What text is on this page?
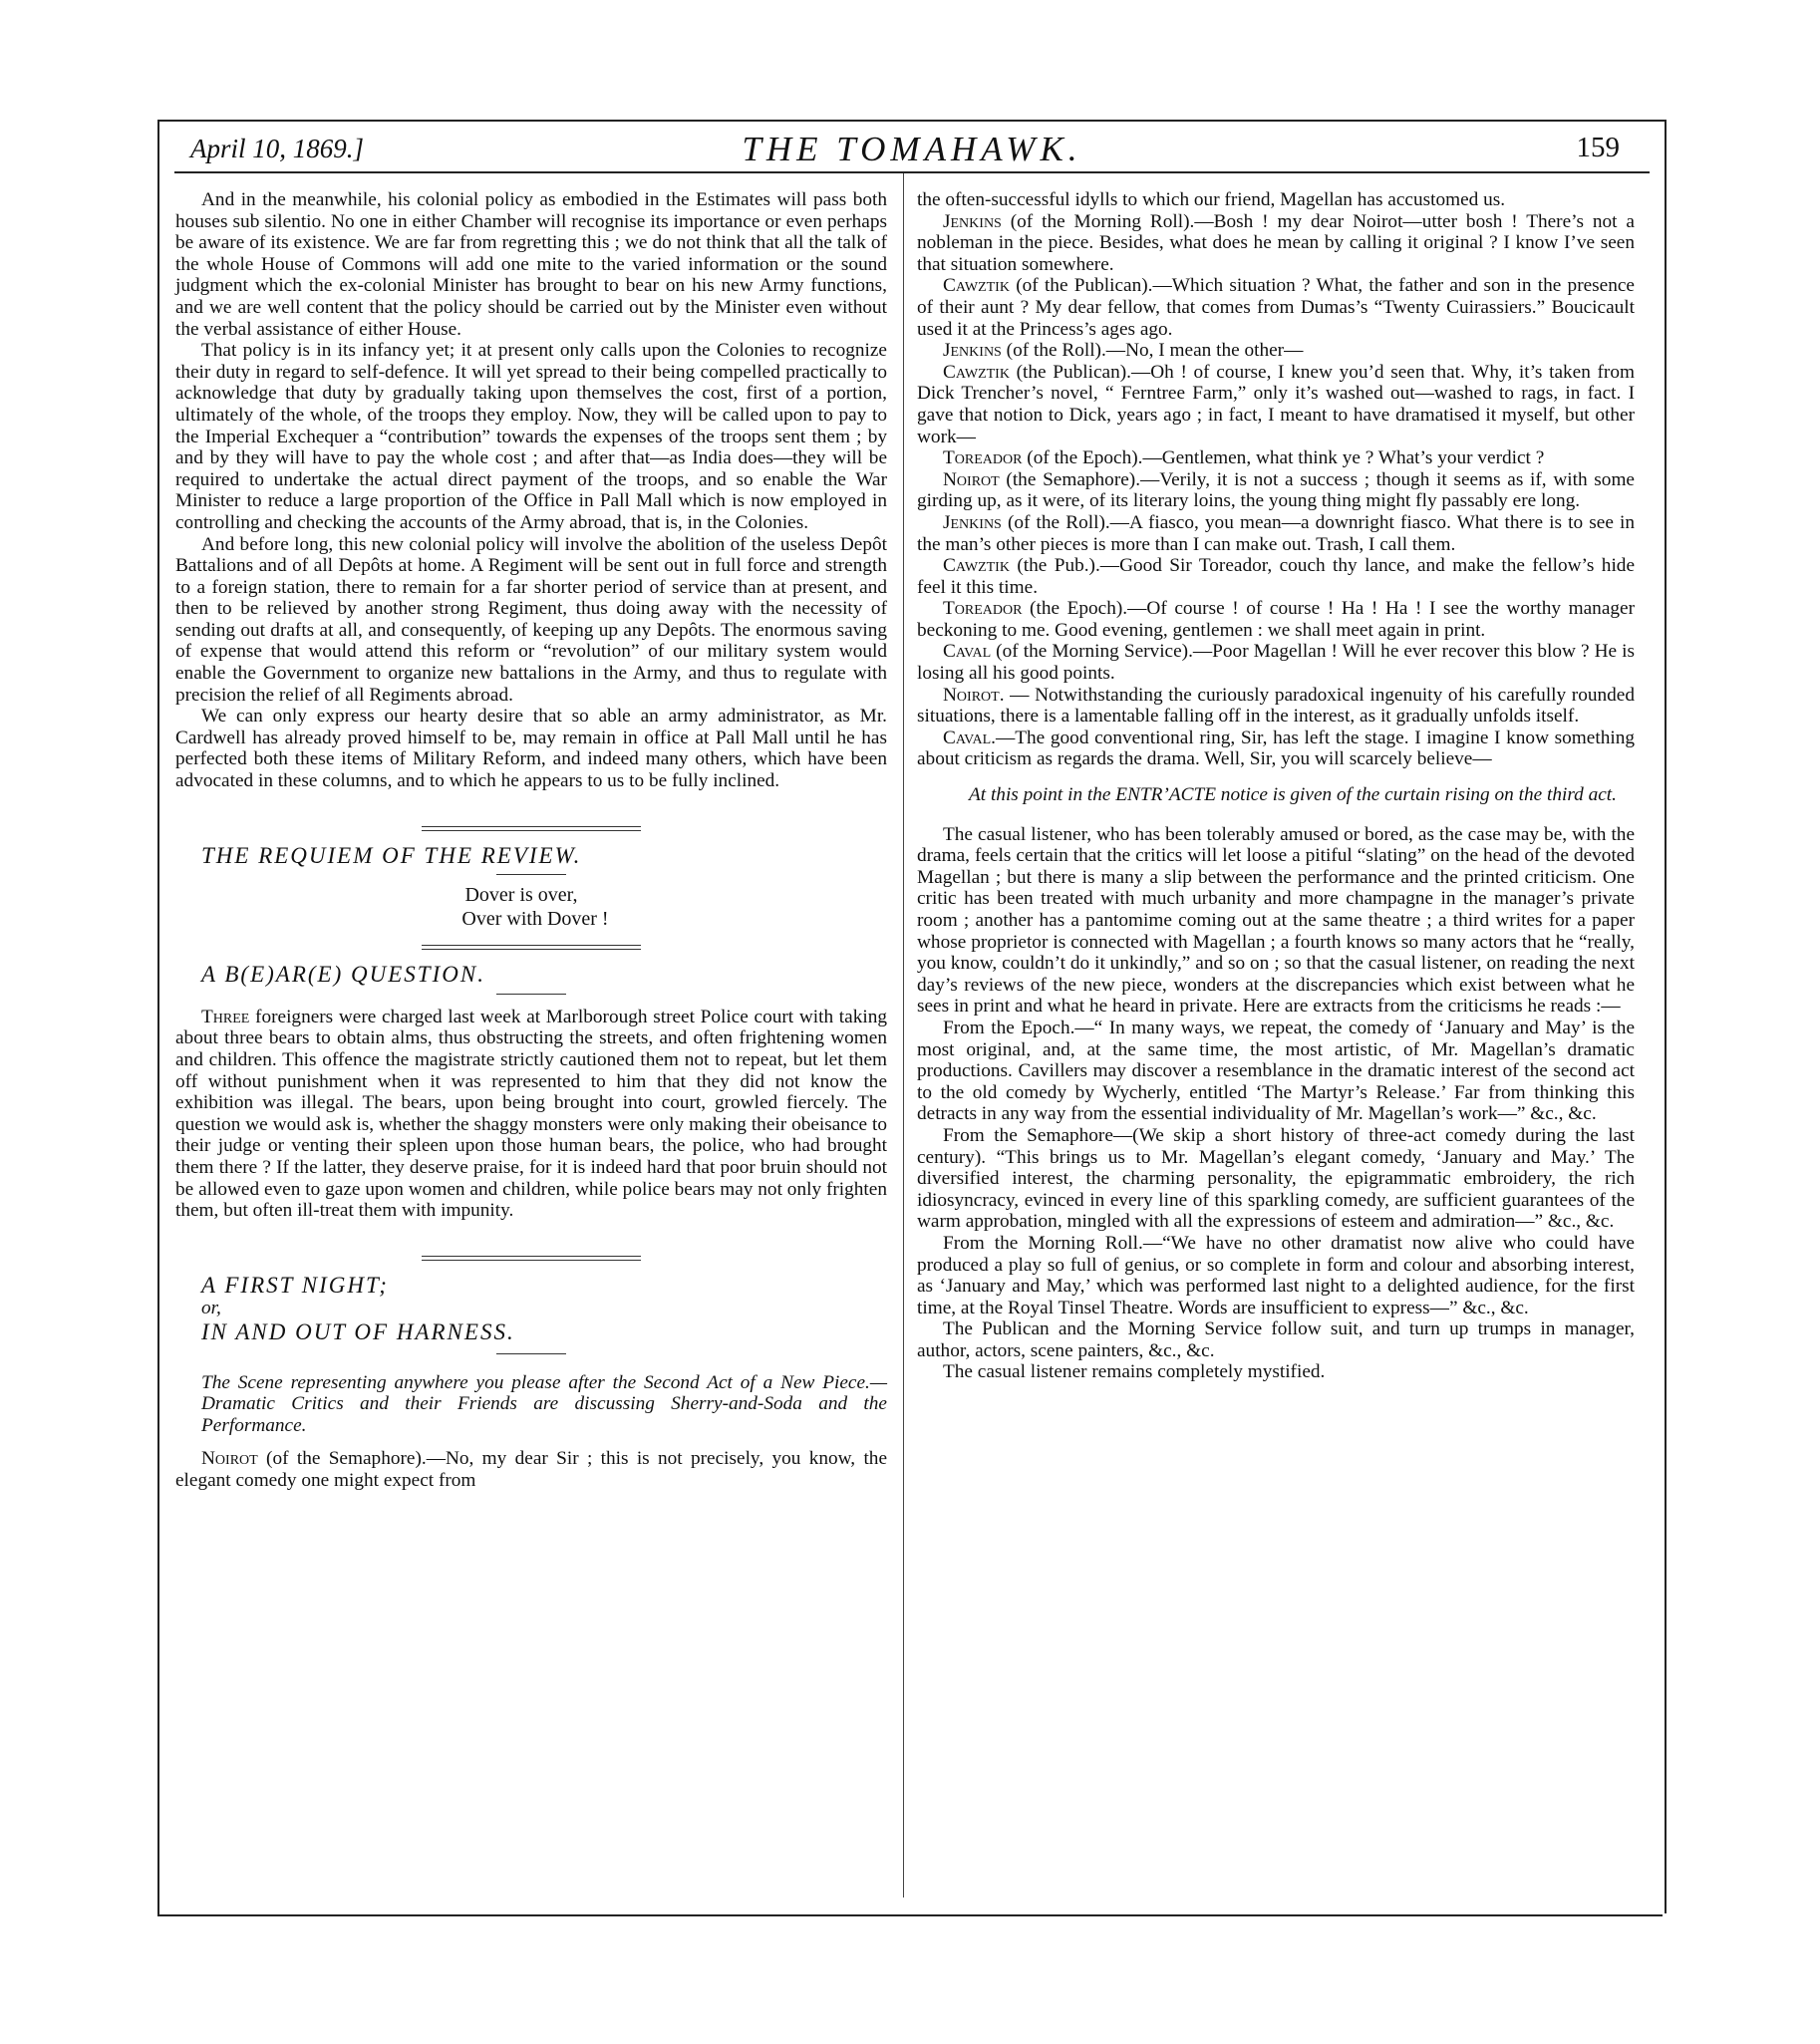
April 10, 1869.]	THE TOMAHAWK.	159

And in the meanwhile, his colonial policy as embodied in the Estimates will pass both houses sub silentio. No one in either Chamber will recognise its importance or even perhaps be aware of its existence. We are far from regretting this ; we do not think that all the talk of the whole House of Commons will add one mite to the varied information or the sound judgment which the ex-colonial Minister has brought to bear on his new Army functions, and we are well content that the policy should be carried out by the Minister even without the verbal assistance of either House.

That policy is in its infancy yet; it at present only calls upon the Colonies to recognize their duty in regard to self-defence. It will yet spread to their being compelled practically to acknowledge that duty by gradually taking upon themselves the cost, first of a portion, ultimately of the whole, of the troops they employ. Now, they will be called upon to pay to the Imperial Exchequer a “contribution” towards the expenses of the troops sent them ; by and by they will have to pay the whole cost ; and after that—as India does—they will be required to undertake the actual direct payment of the troops, and so enable the War Minister to reduce a large proportion of the Office in Pall Mall which is now employed in controlling and checking the accounts of the Army abroad, that is, in the Colonies.

And before long, this new colonial policy will involve the abolition of the useless Depôt Battalions and of all Depôts at home. A Regiment will be sent out in full force and strength to a foreign station, there to remain for a far shorter period of service than at present, and then to be relieved by another strong Regiment, thus doing away with the necessity of sending out drafts at all, and consequently, of keeping up any Depôts. The enormous saving of expense that would attend this reform or “revolution” of our military system would enable the Government to organize new battalions in the Army, and thus to regulate with precision the relief of all Regiments abroad.

We can only express our hearty desire that so able an army administrator, as Mr. Cardwell has already proved himself to be, may remain in office at Pall Mall until he has perfected both these items of Military Reform, and indeed many others, which have been advocated in these columns, and to which he appears to us to be fully inclined.

THE REQUIEM OF THE REVIEW.

Dover is over,
Over with Dover !

A B(E)AR(E) QUESTION.

Three foreigners were charged last week at Marlborough street Police court with taking about three bears to obtain alms, thus obstructing the streets, and often frightening women and children. This offence the magistrate strictly cautioned them not to repeat, but let them off without punishment when it was represented to him that they did not know the exhibition was illegal. The bears, upon being brought into court, growled fiercely. The question we would ask is, whether the shaggy monsters were only making their obeisance to their judge or venting their spleen upon those human bears, the police, who had brought them there ? If the latter, they deserve praise, for it is indeed hard that poor bruin should not be allowed even to gaze upon women and children, while police bears may not only frighten them, but often ill-treat them with impunity.

A FIRST NIGHT;

or,

IN AND OUT OF HARNESS.

The Scene representing anywhere you please after the Second Act of a New Piece.—Dramatic Critics and their Friends are discussing Sherry-and-Soda and the Performance.

Noirot (of the Semaphore).—No, my dear Sir ; this is not precisely, you know, the elegant comedy one might expect from

the often-successful idylls to which our friend, Magellan has accustomed us.

Jenkins (of the Morning Roll).—Bosh ! my dear Noirot—utter bosh ! There’s not a nobleman in the piece. Besides, what does he mean by calling it original ? I know I’ve seen that situation somewhere.

Cawztik (of the Publican).—Which situation ? What, the father and son in the presence of their aunt ? My dear fellow, that comes from Dumas’s “Twenty Cuirassiers.” Boucicault used it at the Princess’s ages ago.

Jenkins (of the Roll).—No, I mean the other—

Cawztik (the Publican).—Oh ! of course, I knew you’d seen that. Why, it’s taken from Dick Trencher’s novel, “ Ferntree Farm,” only it’s washed out—washed to rags, in fact. I gave that notion to Dick, years ago ; in fact, I meant to have dramatised it myself, but other work—

Toreador (of the Epoch).—Gentlemen, what think ye ? What’s your verdict ?

Noirot (the Semaphore).—Verily, it is not a success ; though it seems as if, with some girding up, as it were, of its literary loins, the young thing might fly passably ere long.

Jenkins (of the Roll).—A fiasco, you mean—a downright fiasco. What there is to see in the man’s other pieces is more than I can make out. Trash, I call them.

Cawztik (the Pub.).—Good Sir Toreador, couch thy lance, and make the fellow’s hide feel it this time.

Toreador (the Epoch).—Of course ! of course ! Ha ! Ha ! I see the worthy manager beckoning to me. Good evening, gentlemen : we shall meet again in print.

Caval (of the Morning Service).—Poor Magellan ! Will he ever recover this blow ? He is losing all his good points.

Noirot. — Notwithstanding the curiously paradoxical ingenuity of his carefully rounded situations, there is a lamentable falling off in the interest, as it gradually unfolds itself.

Caval.—The good conventional ring, Sir, has left the stage. I imagine I know something about criticism as regards the drama. Well, Sir, you will scarcely believe—

At this point in the ENTR’ACTE notice is given of the curtain rising on the third act.

The casual listener, who has been tolerably amused or bored, as the case may be, with the drama, feels certain that the critics will let loose a pitiful “slating” on the head of the devoted Magellan ; but there is many a slip between the performance and the printed criticism. One critic has been treated with much urbanity and more champagne in the manager’s private room ; another has a pantomime coming out at the same theatre ; a third writes for a paper whose proprietor is connected with Magellan ; a fourth knows so many actors that he “really, you know, couldn’t do it unkindly,” and so on ; so that the casual listener, on reading the next day’s reviews of the new piece, wonders at the discrepancies which exist between what he sees in print and what he heard in private. Here are extracts from the criticisms he reads :—

From the Epoch.—“ In many ways, we repeat, the comedy of ‘January and May’ is the most original, and, at the same time, the most artistic, of Mr. Magellan’s dramatic productions. Cavillers may discover a resemblance in the dramatic interest of the second act to the old comedy by Wycherly, entitled ‘The Martyr’s Release.’ Far from thinking this detracts in any way from the essential individuality of Mr. Magellan’s work—” &c., &c.

From the Semaphore—(We skip a short history of three-act comedy during the last century). “This brings us to Mr. Magellan’s elegant comedy, ‘January and May.’ The diversified interest, the charming personality, the epigrammatic embroidery, the rich idiosyncracy, evinced in every line of this sparkling comedy, are sufficient guarantees of the warm approbation, mingled with all the expressions of esteem and admiration—” &c., &c.

From the Morning Roll.—“We have no other dramatist now alive who could have produced a play so full of genius, or so complete in form and colour and absorbing interest, as ‘January and May,’ which was performed last night to a delighted audience, for the first time, at the Royal Tinsel Theatre. Words are insufficient to express—” &c., &c.

The Publican and the Morning Service follow suit, and turn up trumps in manager, author, actors, scene painters, &c., &c.

The casual listener remains completely mystified.
